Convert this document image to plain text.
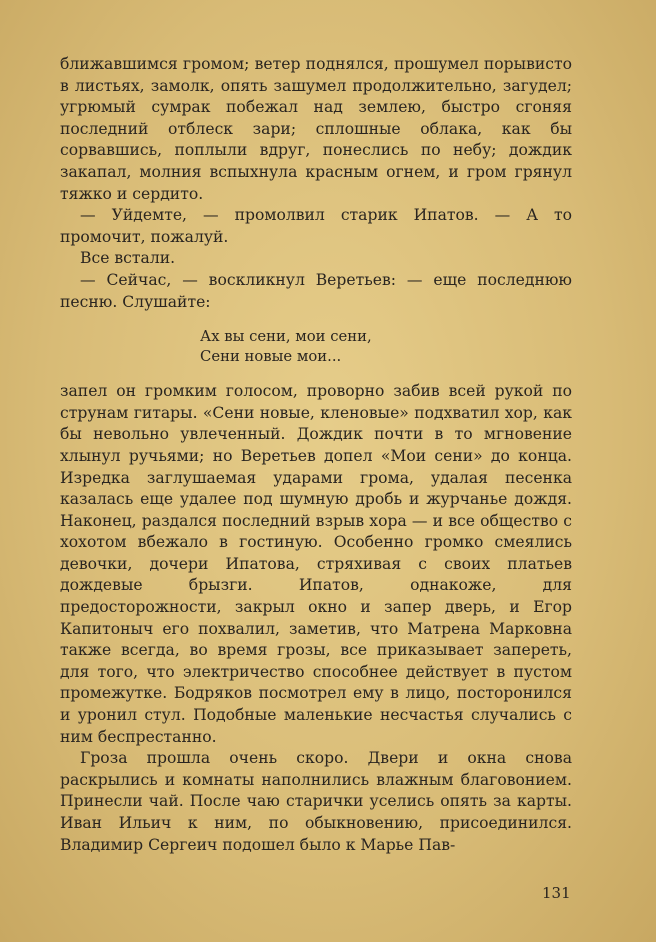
ближавшимся громом; ветер поднялся, прошумел порывисто в листьях, замолк, опять зашумел продолжительно, загудел; угрюмый сумрак побежал над землею, быстро сгоняя последний отблеск зари; сплошные облака, как бы сорвавшись, поплыли вдруг, понеслись по небу; дождик закапал, молния вспыхнула красным огнем, и гром грянул тяжко и сердито.

— Уйдемте, — промолвил старик Ипатов. — А то промочит, пожалуй.

Все встали.

— Сейчас, — воскликнул Веретьев: — еще последнюю песню. Слушайте:

Ах вы сени, мои сени,
Сени новые мои...

запел он громким голосом, проворно забив всей рукой по струнам гитары. «Сени новые, кленовые» подхватил хор, как бы невольно увлеченный. Дождик почти в то мгновение хлынул ручьями; но Веретьев допел «Мои сени» до конца. Изредка заглушаемая ударами грома, удалая песенка казалась еще удалее под шумную дробь и журчанье дождя. Наконец, раздался последний взрыв хора — и все общество с хохотом вбежало в гостиную. Особенно громко смеялись девочки, дочери Ипатова, стряхивая с своих платьев дождевые брызги. Ипатов, однакоже, для предосторожности, закрыл окно и запер дверь, и Егор Капитоныч его похвалил, заметив, что Матрена Марковна также всегда, во время грозы, все приказывает запереть, для того, что электричество способнее действует в пустом промежутке. Бодряков посмотрел ему в лицо, посторонился и уронил стул. Подобные маленькие несчастья случались с ним беспрестанно.

Гроза прошла очень скоро. Двери и окна снова раскрылись и комнаты наполнились влажным благовонием. Принесли чай. После чаю старички уселись опять за карты. Иван Ильич к ним, по обыкновению, присоединился. Владимир Сергеич подошел было к Марье Пав-

131
